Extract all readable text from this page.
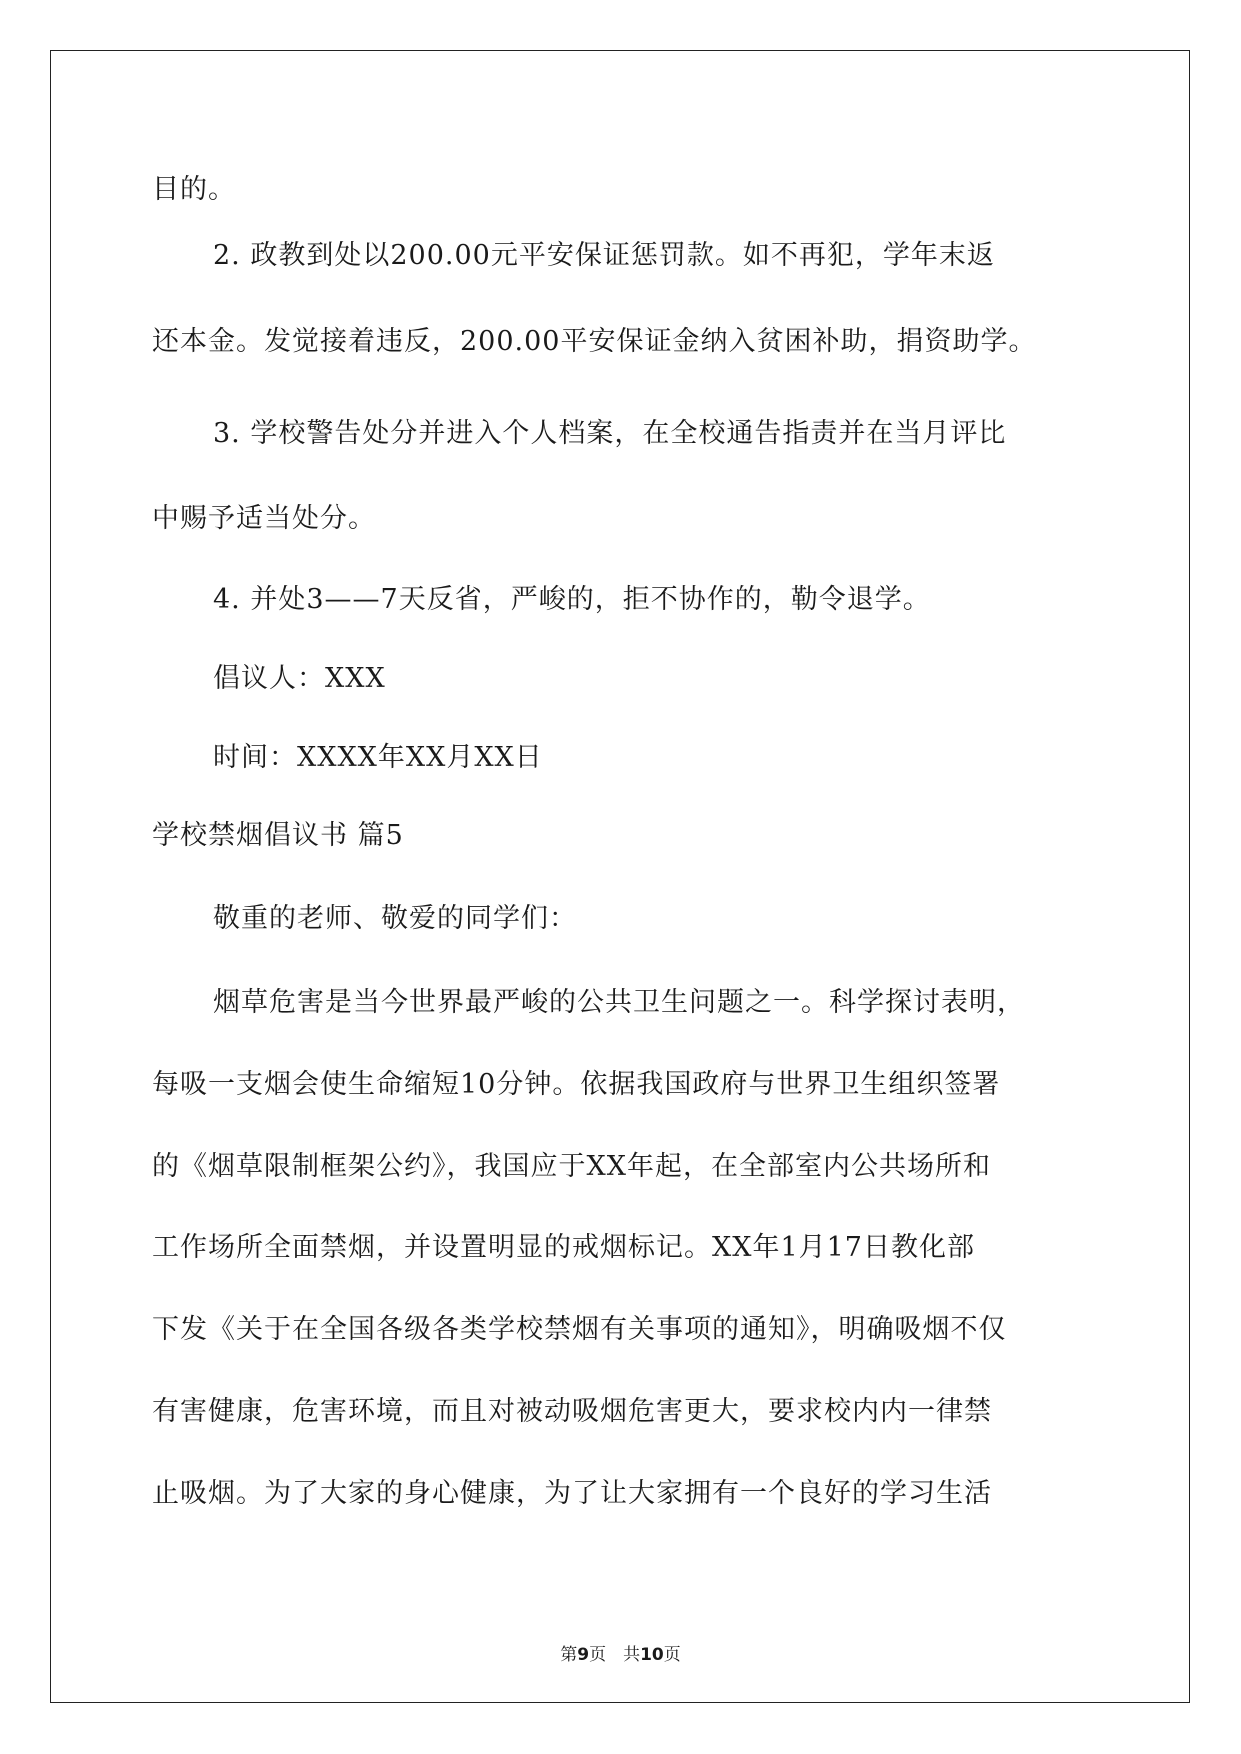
目的。
2. 政教到处以200.00元平安保证惩罚款。如不再犯，学年末返
还本金。发觉接着违反，200.00平安保证金纳入贫困补助，捐资助学。
3. 学校警告处分并进入个人档案，在全校通告指责并在当月评比
中赐予适当处分。
4. 并处3——7天反省，严峻的，拒不协作的，勒令退学。
倡议人：XXX
时间：XXXX年XX月XX日
学校禁烟倡议书 篇5
敬重的老师、敬爱的同学们：
烟草危害是当今世界最严峻的公共卫生问题之一。科学探讨表明，
每吸一支烟会使生命缩短10分钟。依据我国政府与世界卫生组织签署
的《烟草限制框架公约》，我国应于XX年起，在全部室内公共场所和
工作场所全面禁烟，并设置明显的戒烟标记。XX年1月17日教化部
下发《关于在全国各级各类学校禁烟有关事项的通知》，明确吸烟不仅
有害健康，危害环境，而且对被动吸烟危害更大，要求校内内一律禁
止吸烟。为了大家的身心健康，为了让大家拥有一个良好的学习生活
第9页　共10页
